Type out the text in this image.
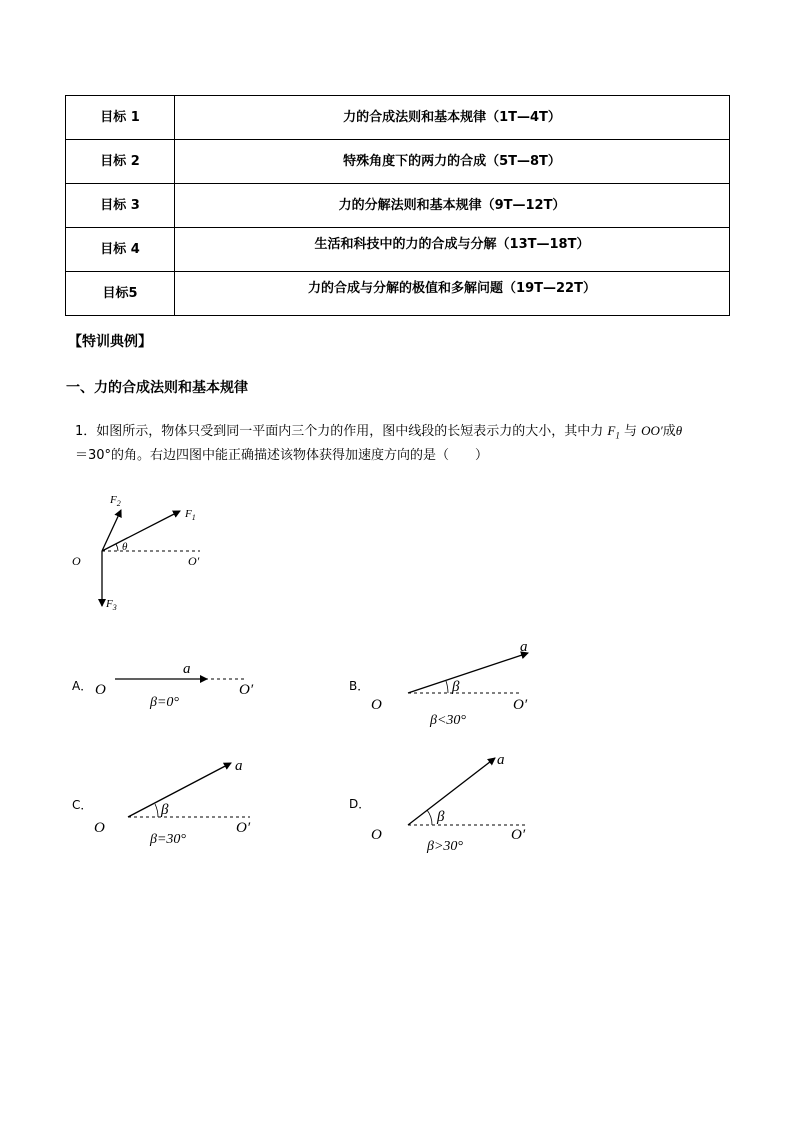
目标 1	力的合成法则和基本规律（1T—4T）
目标 2	特殊角度下的两力的合成（5T—8T）
目标 3	力的分解法则和基本规律（9T—12T）
目标 4	生活和科技中的力的合成与分解（13T—18T）
目标5	力的合成与分解的极值和多解问题（19T—22T）
【特训典例】
一、力的合成法则和基本规律
1．如图所示，物体只受到同一平面内三个力的作用，图中线段的长短表示力的大小，其中力 $F_1$ 与 OO′成θ
＝30°的角。右边四图中能正确描述该物体获得加速度方向的是（　　）
O	O′
θ
$F_1$
$F_2$
$F_3$
A． O	O′
a
β=0°
B．
O	O′
a
β
β<30°
C．
O	O′
a
β
β=30°
D．
O	O′
a
β
β>30°
